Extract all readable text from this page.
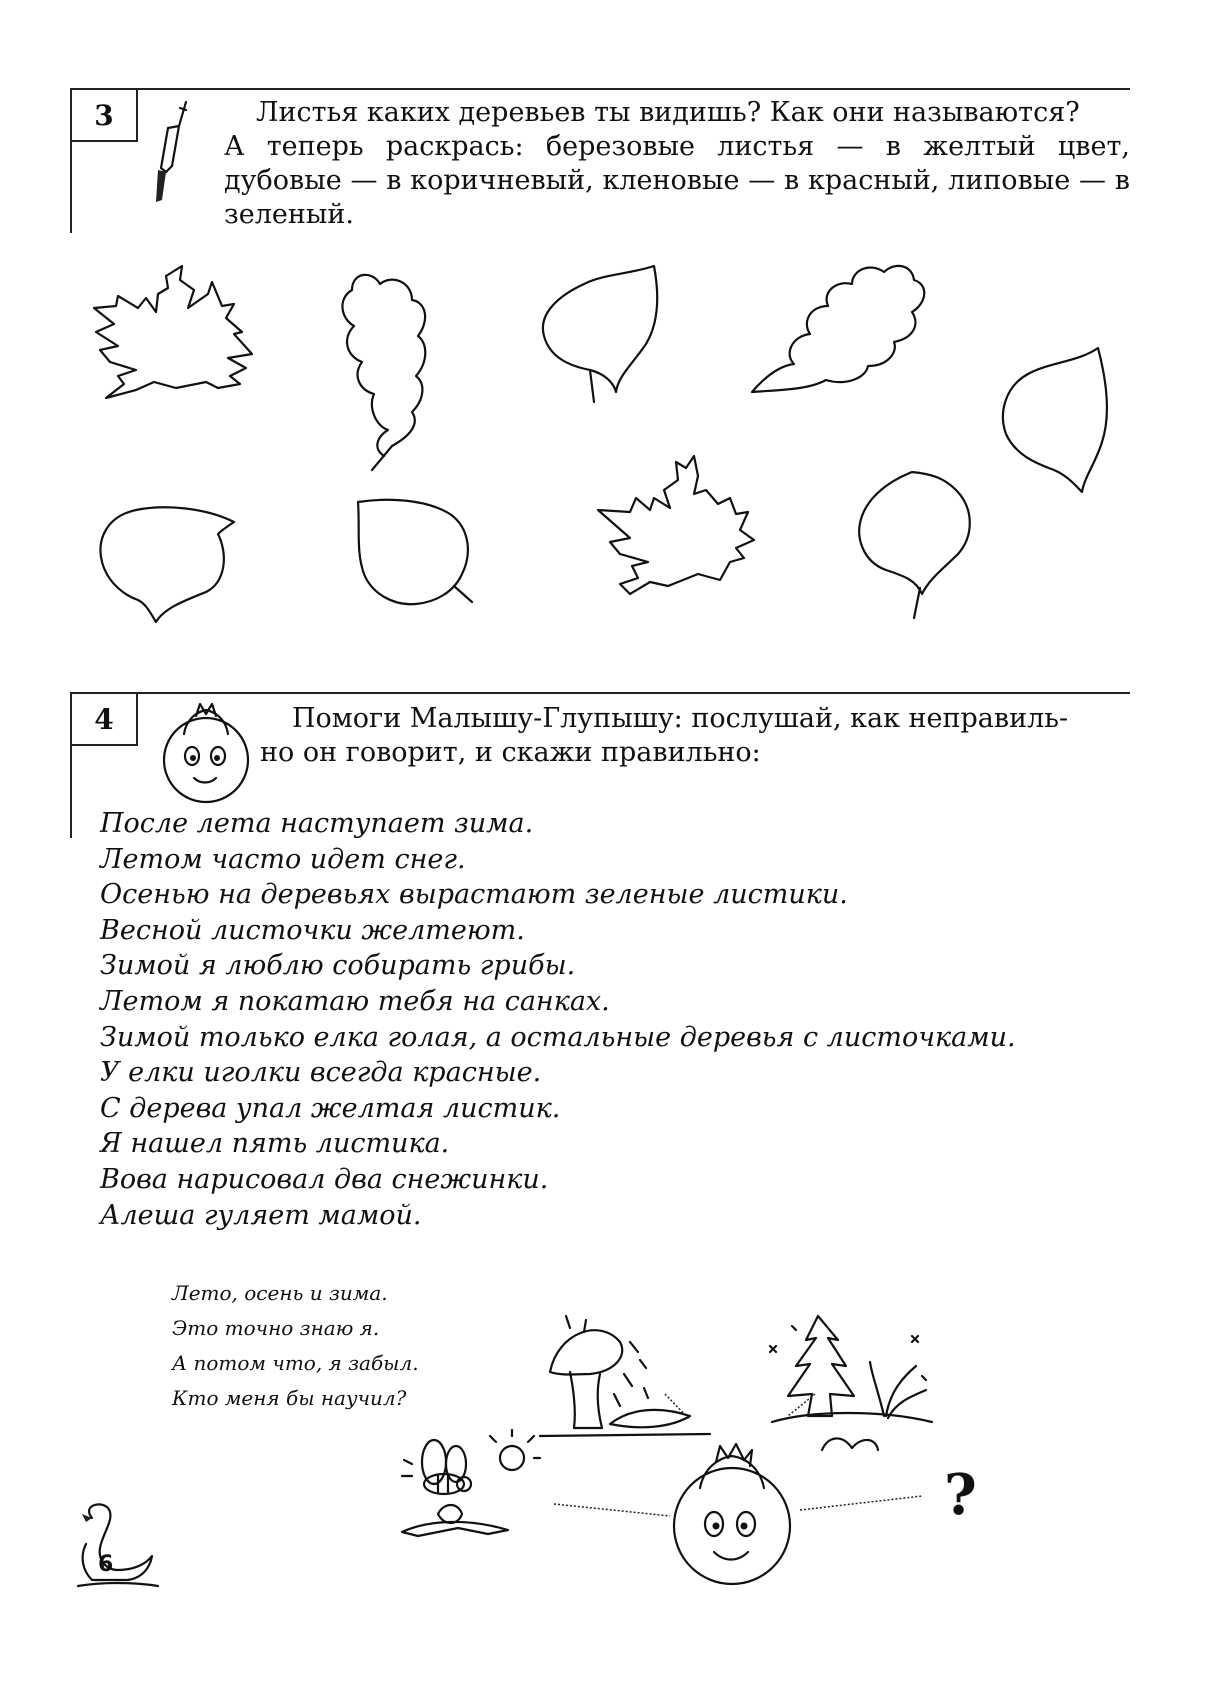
3	Листья каких деревьев ты видишь? Как они называются?
А теперь раскрась: березовые листья — в желтый цвет, дубовые — в коричневый, кленовые — в красный, липовые — в зеленый.
4	Помоги Малышу-Глупышу: послушай, как неправиль-
но он говорит, и скажи правильно:
После лета наступает зима.
Летом часто идет снег.
Осенью на деревьях вырастают зеленые листики.
Весной листочки желтеют.
Зимой я люблю собирать грибы.
Летом я покатаю тебя на санках.
Зимой только елка голая, а остальные деревья с листочками.
У елки иголки всегда красные.
С дерева упал желтая листик.
Я нашел пять листика.
Вова нарисовал два снежинки.
Алеша гуляет мамой.
Лето, осень и зима.
Это точно знаю я.
А потом что, я забыл.
Кто меня бы научил?
?
6
